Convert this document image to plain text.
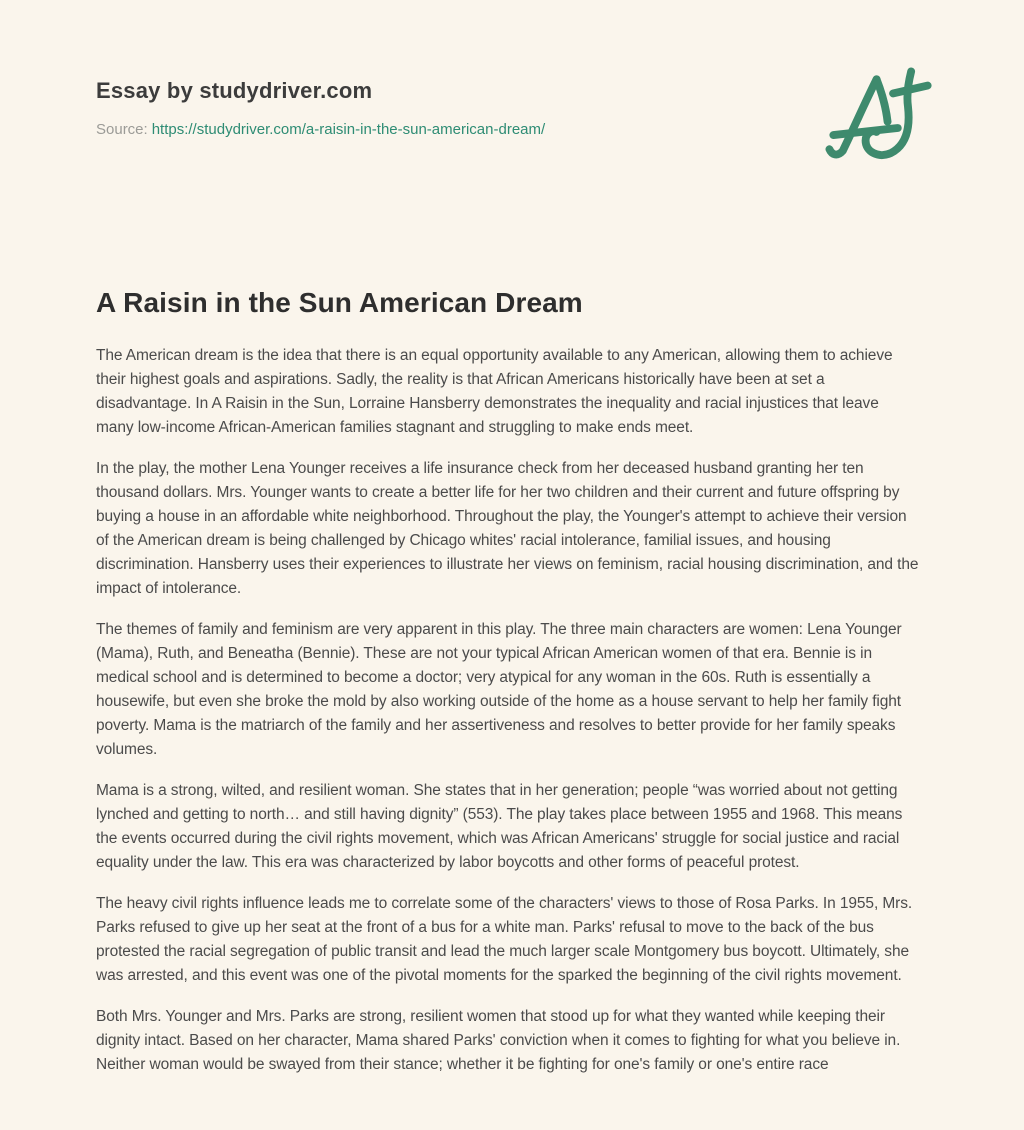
Essay by studydriver.com

Source: https://studydriver.com/a-raisin-in-the-sun-american-dream/

A Raisin in the Sun American Dream

The American dream is the idea that there is an equal opportunity available to any American, allowing them to achieve their highest goals and aspirations. Sadly, the reality is that African Americans historically have been at set a disadvantage. In A Raisin in the Sun, Lorraine Hansberry demonstrates the inequality and racial injustices that leave many low-income African-American families stagnant and struggling to make ends meet.

In the play, the mother Lena Younger receives a life insurance check from her deceased husband granting her ten thousand dollars. Mrs. Younger wants to create a better life for her two children and their current and future offspring by buying a house in an affordable white neighborhood. Throughout the play, the Younger's attempt to achieve their version of the American dream is being challenged by Chicago whites' racial intolerance, familial issues, and housing discrimination. Hansberry uses their experiences to illustrate her views on feminism, racial housing discrimination, and the impact of intolerance.

The themes of family and feminism are very apparent in this play. The three main characters are women: Lena Younger (Mama), Ruth, and Beneatha (Bennie). These are not your typical African American women of that era. Bennie is in medical school and is determined to become a doctor; very atypical for any woman in the 60s. Ruth is essentially a housewife, but even she broke the mold by also working outside of the home as a house servant to help her family fight poverty. Mama is the matriarch of the family and her assertiveness and resolves to better provide for her family speaks volumes.

Mama is a strong, wilted, and resilient woman. She states that in her generation; people “was worried about not getting lynched and getting to north… and still having dignity” (553). The play takes place between 1955 and 1968. This means the events occurred during the civil rights movement, which was African Americans' struggle for social justice and racial equality under the law. This era was characterized by labor boycotts and other forms of peaceful protest.

The heavy civil rights influence leads me to correlate some of the characters' views to those of Rosa Parks. In 1955, Mrs. Parks refused to give up her seat at the front of a bus for a white man. Parks' refusal to move to the back of the bus protested the racial segregation of public transit and lead the much larger scale Montgomery bus boycott. Ultimately, she was arrested, and this event was one of the pivotal moments for the sparked the beginning of the civil rights movement.

Both Mrs. Younger and Mrs. Parks are strong, resilient women that stood up for what they wanted while keeping their dignity intact. Based on her character, Mama shared Parks' conviction when it comes to fighting for what you believe in. Neither woman would be swayed from their stance; whether it be fighting for one's family or one's entire race
